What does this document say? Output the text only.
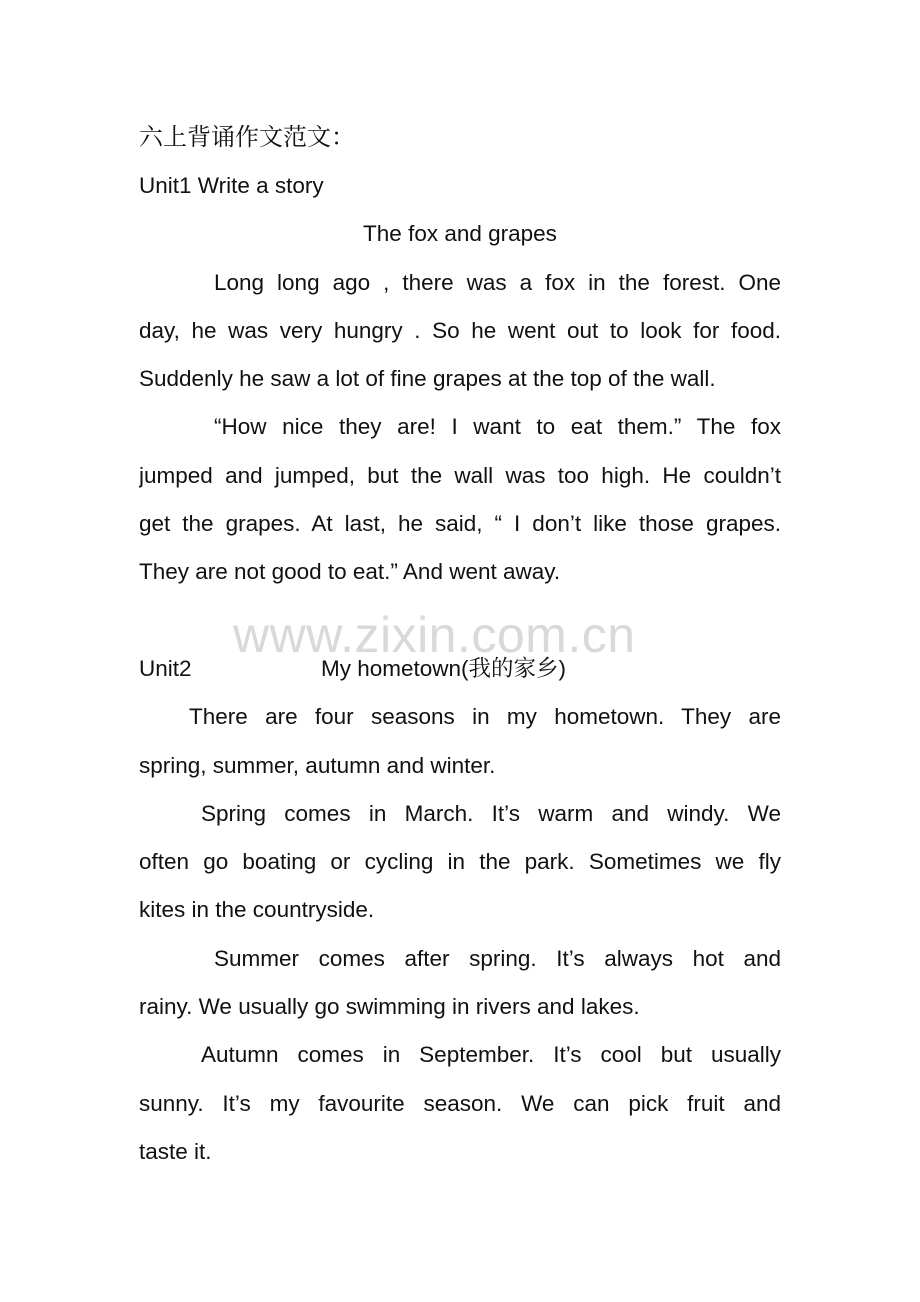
www.zixin.com.cn
六上背诵作文范文：
Unit1 Write a story
The fox and grapes
Long long ago , there was a fox in the forest. One
day, he was very hungry . So he went out to look for food.
Suddenly he saw a lot of fine grapes at the top of the wall.
“How nice they are! I want to eat them.” The fox
jumped and jumped, but the wall was too high. He couldn’t
get the grapes. At last, he said, “ I don’t like those grapes.
They are not good to eat.” And went away.
Unit2	My hometown(我的家乡)
There are four seasons in my hometown. They are
spring, summer, autumn and winter.
Spring comes in March. It’s warm and windy. We
often go boating or cycling in the park. Sometimes we fly
kites in the countryside.
Summer comes after spring. It’s always hot and
rainy. We usually go swimming in rivers and lakes.
Autumn comes in September. It’s cool but usually
sunny. It’s my favourite season. We can pick fruit and
taste it.
